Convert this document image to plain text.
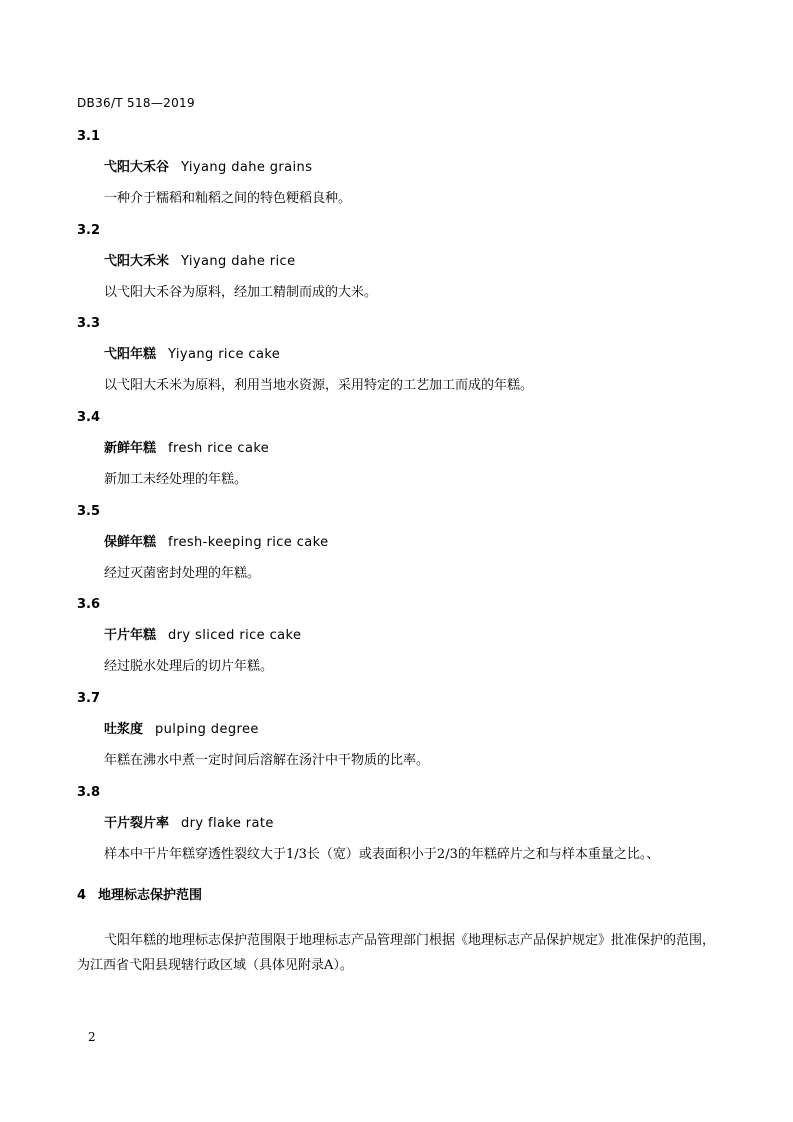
DB36/T 518—2019
3.1
弋阳大禾谷 Yiyang dahe grains
一种介于糯稻和籼稻之间的特色粳稻良种。
3.2
弋阳大禾米 Yiyang dahe rice
以弋阳大禾谷为原料，经加工精制而成的大米。
3.3
弋阳年糕 Yiyang rice cake
以弋阳大禾米为原料，利用当地水资源，采用特定的工艺加工而成的年糕。
3.4
新鲜年糕 fresh rice cake
新加工未经处理的年糕。
3.5
保鲜年糕 fresh-keeping rice cake
经过灭菌密封处理的年糕。
3.6
干片年糕 dry sliced rice cake
经过脱水处理后的切片年糕。
3.7
吐浆度 pulping degree
年糕在沸水中煮一定时间后溶解在汤汁中干物质的比率。
3.8
干片裂片率 dry flake rate
样本中干片年糕穿透性裂纹大于1/3长（宽）或表面积小于2/3的年糕碎片之和与样本重量之比。、
4 地理标志保护范围
弋阳年糕的地理标志保护范围限于地理标志产品管理部门根据《地理标志产品保护规定》批准保护的范围，为江西省弋阳县现辖行政区域（具体见附录A）。
2
